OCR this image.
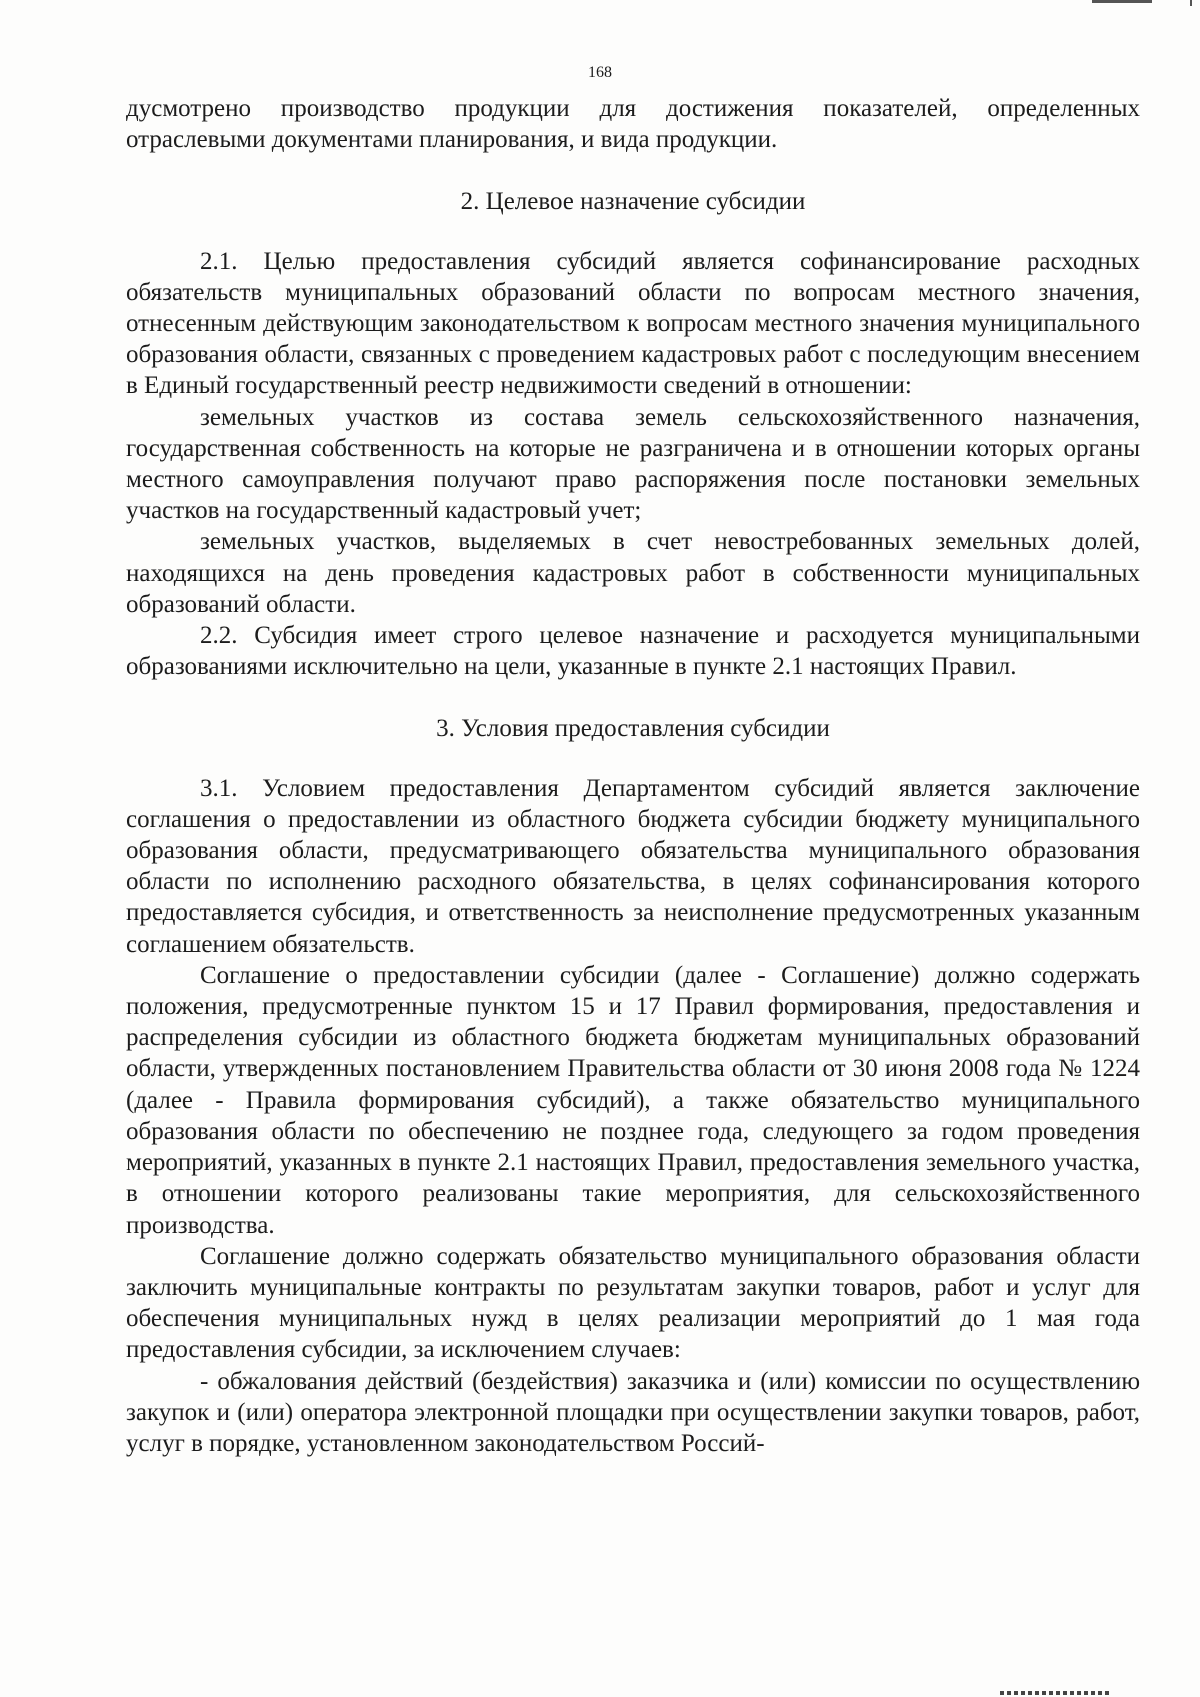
168

дусмотрено производство продукции для достижения показателей, определенных отраслевыми документами планирования, и вида продукции.

2. Целевое назначение субсидии

2.1. Целью предоставления субсидий является софинансирование расходных обязательств муниципальных образований области по вопросам местного значения, отнесенным действующим законодательством к вопросам местного значения муниципального образования области, связанных с проведением кадастровых работ с последующим внесением в Единый государственный реестр недвижимости сведений в отношении:

земельных участков из состава земель сельскохозяйственного назначения, государственная собственность на которые не разграничена и в отношении которых органы местного самоуправления получают право распоряжения после постановки земельных участков на государственный кадастровый учет;

земельных участков, выделяемых в счет невостребованных земельных долей, находящихся на день проведения кадастровых работ в собственности муниципальных образований области.

2.2. Субсидия имеет строго целевое назначение и расходуется муниципальными образованиями исключительно на цели, указанные в пункте 2.1 настоящих Правил.

3. Условия предоставления субсидии

3.1. Условием предоставления Департаментом субсидий является заключение соглашения о предоставлении из областного бюджета субсидии бюджету муниципального образования области, предусматривающего обязательства муниципального образования области по исполнению расходного обязательства, в целях софинансирования которого предоставляется субсидия, и ответственность за неисполнение предусмотренных указанным соглашением обязательств.

Соглашение о предоставлении субсидии (далее - Соглашение) должно содержать положения, предусмотренные пунктом 15 и 17 Правил формирования, предоставления и распределения субсидии из областного бюджета бюджетам муниципальных образований области, утвержденных постановлением Правительства области от 30 июня 2008 года № 1224 (далее - Правила формирования субсидий), а также обязательство муниципального образования области по обеспечению не позднее года, следующего за годом проведения мероприятий, указанных в пункте 2.1 настоящих Правил, предоставления земельного участка, в отношении которого реализованы такие мероприятия, для сельскохозяйственного производства.

Соглашение должно содержать обязательство муниципального образования области заключить муниципальные контракты по результатам закупки товаров, работ и услуг для обеспечения муниципальных нужд в целях реализации мероприятий до 1 мая года предоставления субсидии, за исключением случаев:

- обжалования действий (бездействия) заказчика и (или) комиссии по осуществлению закупок и (или) оператора электронной площадки при осуществлении закупки товаров, работ, услуг в порядке, установленном законодательством Россий-
